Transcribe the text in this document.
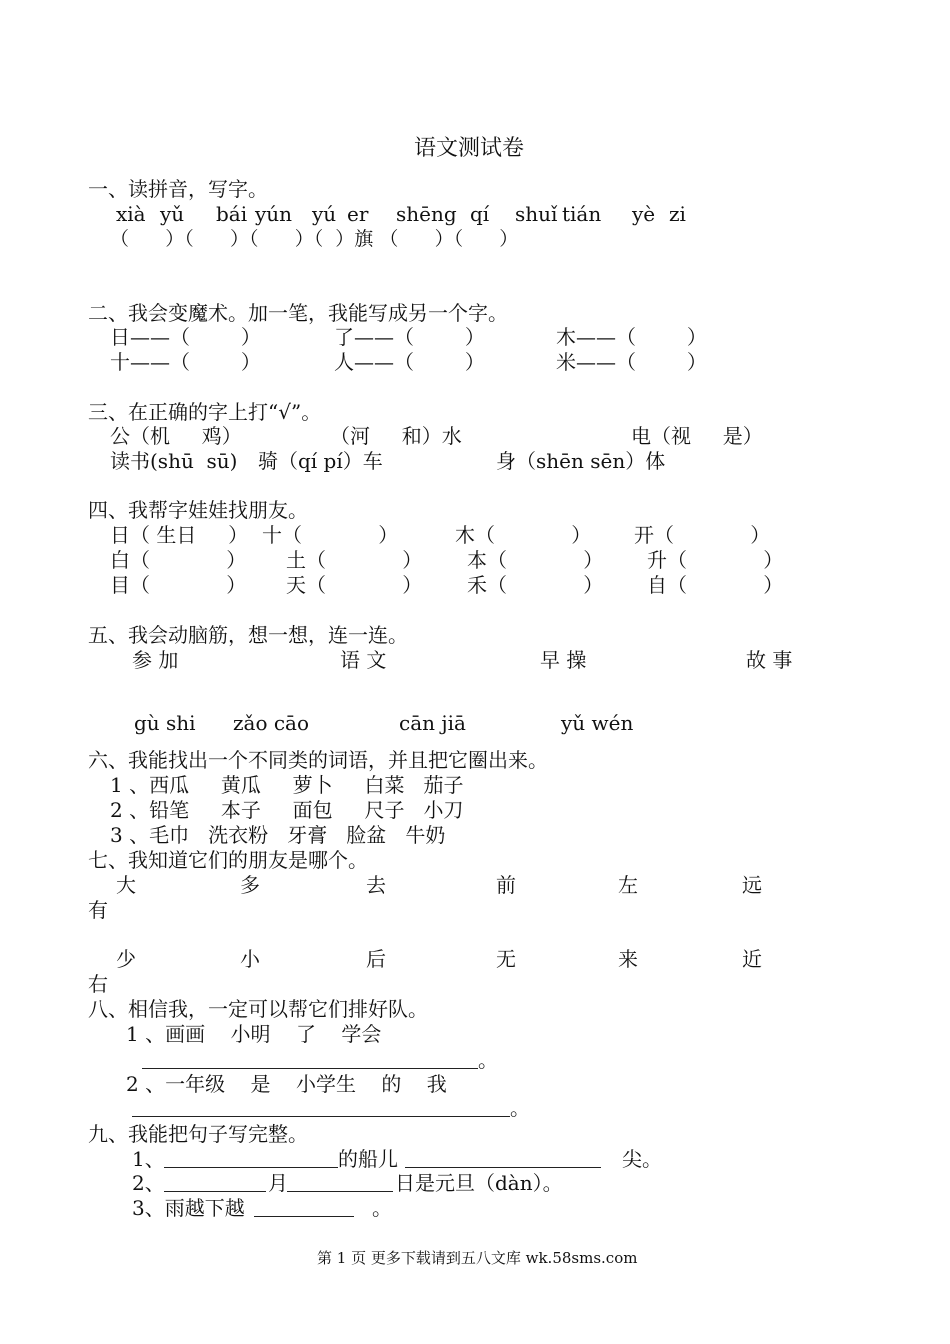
语文测试卷
一、读拼音，写字。
xià yǔ bái yún yú er shēng qí shuǐ tián yè zi
（      ）（      ）（      ）（  ）旗 （      ）（      ）
二、我会变魔术。加一笔，我能写成另一个字。
日——（        ）	了——（        ）	木——（        ）
十——（        ）	人——（        ）	米——（        ）
三、在正确的字上打“√”。
公（机     鸡）	（河     和）水	电（视     是）
读书(shū  sū) 骑（qí pí）车	身（shēn sēn）体
四、我帮字娃娃找朋友。
日（ 生日     ） 十（            ）	木（            ） 开（            ）
白（            ） 土（            ） 本（            ） 升（            ）
目（            ） 天（            ） 禾（            ） 自（            ）
五、我会动脑筋，想一想，连一连。
参 加	语 文	早 操	故 事
gù shi zǎo cāo	cān jiā	yǔ wén
六、我能找出一个不同类的词语，并且把它圈出来。
1 、西瓜     黄瓜     萝卜     白菜   茄子
2 、铅笔     本子     面包     尺子   小刀
3 、毛巾   洗衣粉   牙膏   脸盆   牛奶
七、我知道它们的朋友是哪个。
大	多	去	前	左	远
有
少	小	后	无	来	近
右
八、相信我，一定可以帮它们排好队。
1 、画画    小明    了    学会
。
2 、一年级    是    小学生    的    我
。
九、我能把句子写完整。
1、	的船儿	尖。
2、	月	日是元旦（dàn）。
3、雨越下越	。
第 1 页 更多下载请到五八文库 wk.58sms.com
